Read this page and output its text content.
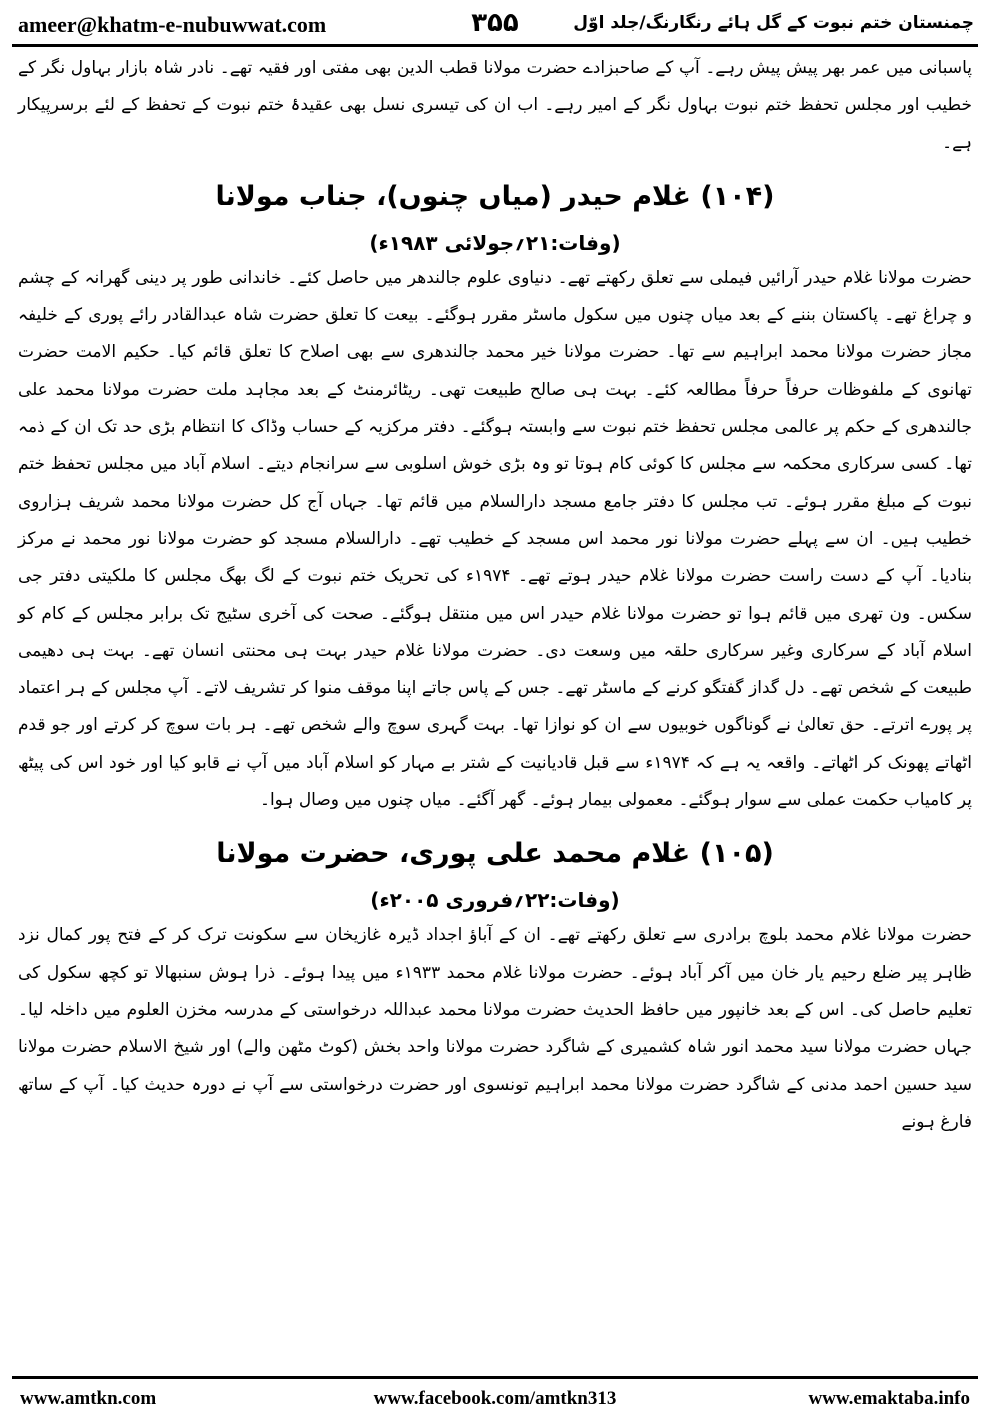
ameer@khatm-e-nubuwwat.com	۳۵۵	چمنستان ختم نبوت کے گل ہائے رنگارنگ/جلد اوّل

پاسبانی میں عمر بھر پیش پیش رہے۔ آپ کے صاحبزادے حضرت مولانا قطب الدین بھی مفتی اور فقیہ تھے۔ نادر شاہ بازار بہاول نگر کے خطیب اور مجلس تحفظ ختم نبوت بہاول نگر کے امیر رہے۔ اب ان کی تیسری نسل بھی عقیدۂ ختم نبوت کے تحفظ کے لئے برسرپیکار ہے۔

(۱۰۴) غلام حیدر (میاں چنوں)، جناب مولانا
(وفات:۲۱؍جولائی ۱۹۸۳ء)

حضرت مولانا غلام حیدر آرائیں فیملی سے تعلق رکھتے تھے۔ دنیاوی علوم جالندھر میں حاصل کئے۔ خاندانی طور پر دینی گھرانہ کے چشم و چراغ تھے۔ پاکستان بننے کے بعد میاں چنوں میں سکول ماسٹر مقرر ہوگئے۔ بیعت کا تعلق حضرت شاہ عبدالقادر رائے پوری کے خلیفہ مجاز حضرت مولانا محمد ابراہیم سے تھا۔ حضرت مولانا خیر محمد جالندھری سے بھی اصلاح کا تعلق قائم کیا۔ حکیم الامت حضرت تھانوی کے ملفوظات حرفاً حرفاً مطالعہ کئے۔ بہت ہی صالح طبیعت تھی۔ ریٹائرمنٹ کے بعد مجاہد ملت حضرت مولانا محمد علی جالندھری کے حکم پر عالمی مجلس تحفظ ختم نبوت سے وابستہ ہوگئے۔ دفتر مرکزیہ کے حساب وڈاک کا انتظام بڑی حد تک ان کے ذمہ تھا۔ کسی سرکاری محکمہ سے مجلس کا کوئی کام ہوتا تو وہ بڑی خوش اسلوبی سے سرانجام دیتے۔ اسلام آباد میں مجلس تحفظ ختم نبوت کے مبلغ مقرر ہوئے۔ تب مجلس کا دفتر جامع مسجد دارالسلام میں قائم تھا۔ جہاں آج کل حضرت مولانا محمد شریف ہزاروی خطیب ہیں۔ ان سے پہلے حضرت مولانا نور محمد اس مسجد کے خطیب تھے۔ دارالسلام مسجد کو حضرت مولانا نور محمد نے مرکز بنادیا۔ آپ کے دست راست حضرت مولانا غلام حیدر ہوتے تھے۔ ۱۹۷۴ء کی تحریک ختم نبوت کے لگ بھگ مجلس کا ملکیتی دفتر جی سکس۔ ون تھری میں قائم ہوا تو حضرت مولانا غلام حیدر اس میں منتقل ہوگئے۔ صحت کی آخری سٹیج تک برابر مجلس کے کام کو اسلام آباد کے سرکاری وغیر سرکاری حلقہ میں وسعت دی۔ حضرت مولانا غلام حیدر بہت ہی محنتی انسان تھے۔ بہت ہی دھیمی طبیعت کے شخص تھے۔ دل گداز گفتگو کرنے کے ماسٹر تھے۔ جس کے پاس جاتے اپنا موقف منوا کر تشریف لاتے۔ آپ مجلس کے ہر اعتماد پر پورے اترتے۔ حق تعالیٰ نے گوناگوں خوبیوں سے ان کو نوازا تھا۔ بہت گہری سوچ والے شخص تھے۔ ہر بات سوچ کر کرتے اور جو قدم اٹھاتے پھونک کر اٹھاتے۔ واقعہ یہ ہے کہ ۱۹۷۴ء سے قبل قادیانیت کے شتر بے مہار کو اسلام آباد میں آپ نے قابو کیا اور خود اس کی پیٹھ پر کامیاب حکمت عملی سے سوار ہوگئے۔ معمولی بیمار ہوئے۔ گھر آگئے۔ میاں چنوں میں وصال ہوا۔

(۱۰۵) غلام محمد علی پوری، حضرت مولانا
(وفات:۲۲؍فروری ۲۰۰۵ء)

حضرت مولانا غلام محمد بلوچ برادری سے تعلق رکھتے تھے۔ ان کے آباؤ اجداد ڈیرہ غازیخان سے سکونت ترک کر کے فتح پور کمال نزد ظاہر پیر ضلع رحیم یار خان میں آکر آباد ہوئے۔ حضرت مولانا غلام محمد ۱۹۳۳ء میں پیدا ہوئے۔ ذرا ہوش سنبھالا تو کچھ سکول کی تعلیم حاصل کی۔ اس کے بعد خانپور میں حافظ الحدیث حضرت مولانا محمد عبداللہ درخواستی کے مدرسہ مخزن العلوم میں داخلہ لیا۔ جہاں حضرت مولانا سید محمد انور شاہ کشمیری کے شاگرد حضرت مولانا واحد بخش (کوٹ مٹھن والے) اور شیخ الاسلام حضرت مولانا سید حسین احمد مدنی کے شاگرد حضرت مولانا محمد ابراہیم تونسوی اور حضرت درخواستی سے آپ نے دورہ حدیث کیا۔ آپ کے ساتھ فارغ ہونے

www.amtkn.com	www.facebook.com/amtkn313	www.emaktaba.info
